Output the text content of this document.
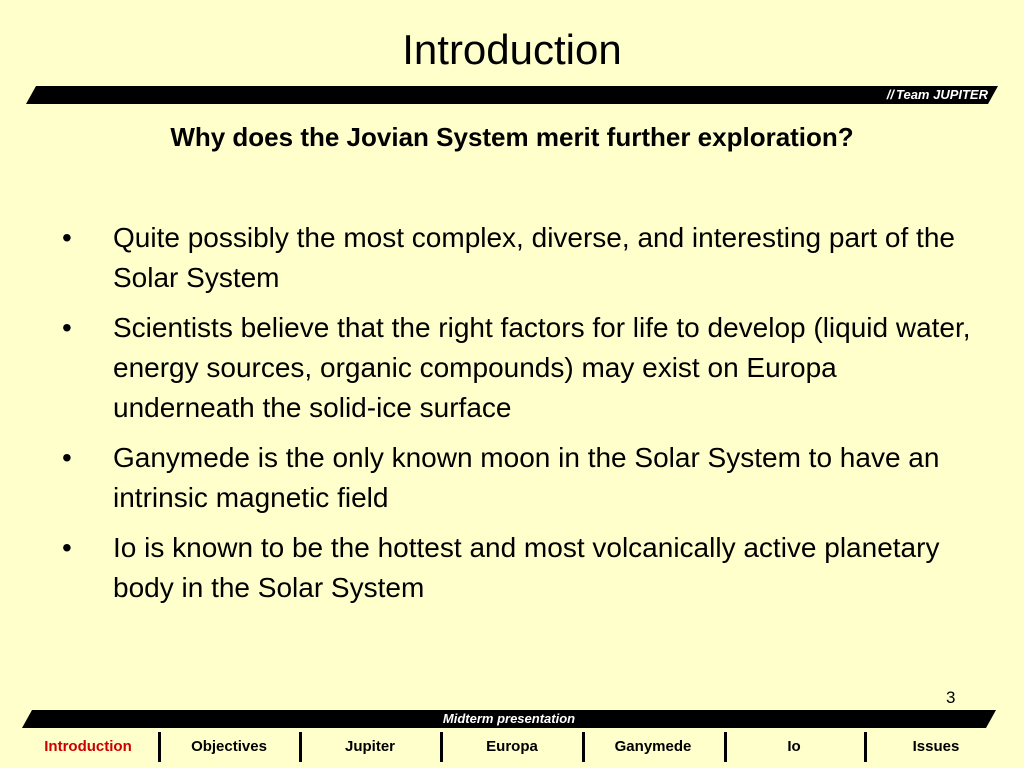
Introduction
// Team JUPITER
Why does the Jovian System merit further exploration?
• Quite possibly the most complex, diverse, and interesting part of the Solar System
• Scientists believe that the right factors for life to develop (liquid water, energy sources, organic compounds) may exist on Europa underneath the solid-ice surface
• Ganymede is the only known moon in the Solar System to have an intrinsic magnetic field
• Io is known to be the hottest and most volcanically active planetary body in the Solar System
3
Midterm presentation
Introduction	Objectives	Jupiter	Europa	Ganymede	Io	Issues
